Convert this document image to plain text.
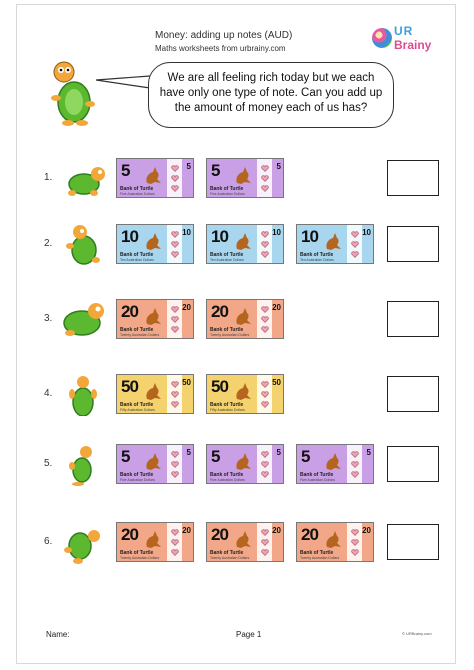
Money: adding up notes (AUD)
Maths worksheets from urbrainy.com
UR
Brainy
We are all feeling rich today but we each
have only one type of note. Can you add up
the amount of money each of us has?
1.	5	5
Bank of Turtle
Five Australian Dollars
5	5
Bank of Turtle
Five Australian Dollars
2.	10	10
Bank of Turtle
Ten Australian Dollars
10	10
Bank of Turtle
Ten Australian Dollars
10	10
Bank of Turtle
Ten Australian Dollars
3.	20	20
Bank of Turtle
Twenty Australian Dollars
20	20
Bank of Turtle
Twenty Australian Dollars
4.	50	50
Bank of Turtle
Fifty Australian Dollars
50	50
Bank of Turtle
Fifty Australian Dollars
5.	5	5
Bank of Turtle
Five Australian Dollars
5	5
Bank of Turtle
Five Australian Dollars
5	5
Bank of Turtle
Five Australian Dollars
6.	20	20
Bank of Turtle
Twenty Australian Dollars
20	20
Bank of Turtle
Twenty Australian Dollars
20	20
Bank of Turtle
Twenty Australian Dollars
Name:	Page 1	© URBrainy.com
